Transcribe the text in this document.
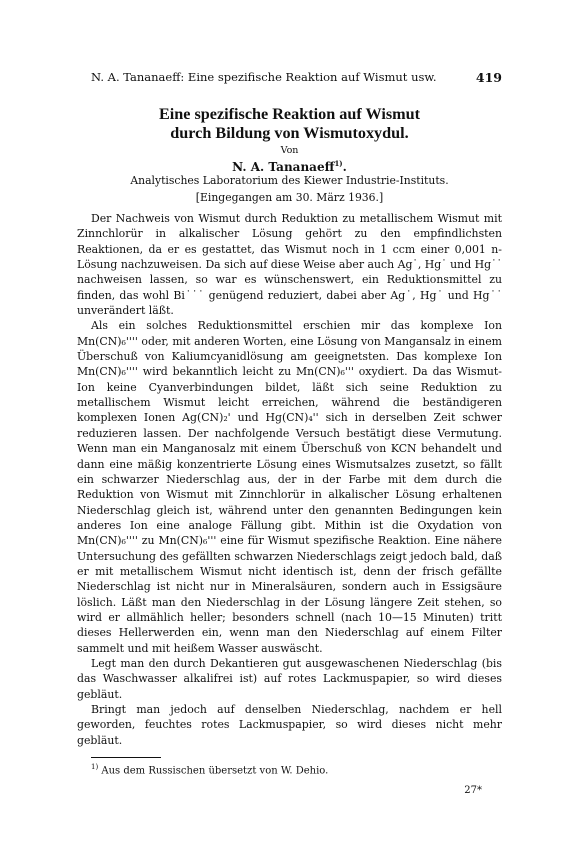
N. A. Tananaeff: Eine spezifische Reaktion auf Wismut usw.	419
Eine spezifische Reaktion auf Wismut
durch Bildung von Wismutoxydul.
Von
N. A. Tananaeff$^{1)}$.
Analytisches Laboratorium des Kiewer Industrie-Instituts.
[Eingegangen am 30. März 1936.]

Der Nachweis von Wismut durch Reduktion zu metallischem Wismut mit Zinnchlorür in alkalischer Lösung gehört zu den empfindlichsten Reaktionen, da er es gestattet, das Wismut noch in 1 ccm einer 0,001 n-Lösung nachzuweisen. Da sich auf diese Weise aber auch Ag˙, Hg˙ und Hg˙˙ nachweisen lassen, so war es wünschenswert, ein Reduktionsmittel zu finden, das wohl Bi˙˙˙ genügend reduziert, dabei aber Ag˙, Hg˙ und Hg˙˙ unverändert läßt.

Als ein solches Reduktionsmittel erschien mir das komplexe Ion Mn(CN)₆'''' oder, mit anderen Worten, eine Lösung von Mangansalz in einem Überschuß von Kaliumcyanidlösung am geeignetsten. Das komplexe Ion Mn(CN)₆'''' wird bekanntlich leicht zu Mn(CN)₆''' oxydiert. Da das Wismut-Ion keine Cyanverbindungen bildet, läßt sich seine Reduktion zu metallischem Wismut leicht erreichen, während die beständigeren komplexen Ionen Ag(CN)₂' und Hg(CN)₄'' sich in derselben Zeit schwer reduzieren lassen. Der nachfolgende Versuch bestätigt diese Vermutung. Wenn man ein Manganosalz mit einem Überschuß von KCN behandelt und dann eine mäßig konzentrierte Lösung eines Wismutsalzes zusetzt, so fällt ein schwarzer Niederschlag aus, der in der Farbe mit dem durch die Reduktion von Wismut mit Zinnchlorür in alkalischer Lösung erhaltenen Niederschlag gleich ist, während unter den genannten Bedingungen kein anderes Ion eine analoge Fällung gibt. Mithin ist die Oxydation von Mn(CN)₆'''' zu Mn(CN)₆''' eine für Wismut spezifische Reaktion. Eine nähere Untersuchung des gefällten schwarzen Niederschlags zeigt jedoch bald, daß er mit metallischem Wismut nicht identisch ist, denn der frisch gefällte Niederschlag ist nicht nur in Mineralsäuren, sondern auch in Essigsäure löslich. Läßt man den Niederschlag in der Lösung längere Zeit stehen, so wird er allmählich heller; besonders schnell (nach 10—15 Minuten) tritt dieses Hellerwerden ein, wenn man den Niederschlag auf einem Filter sammelt und mit heißem Wasser auswäscht.

Legt man den durch Dekantieren gut ausgewaschenen Niederschlag (bis das Waschwasser alkalifrei ist) auf rotes Lackmuspapier, so wird dieses gebläut.

Bringt man jedoch auf denselben Niederschlag, nachdem er hell geworden, feuchtes rotes Lackmuspapier, so wird dieses nicht mehr gebläut.

$^{1)}$ Aus dem Russischen übersetzt von W. Dehio.
27*
